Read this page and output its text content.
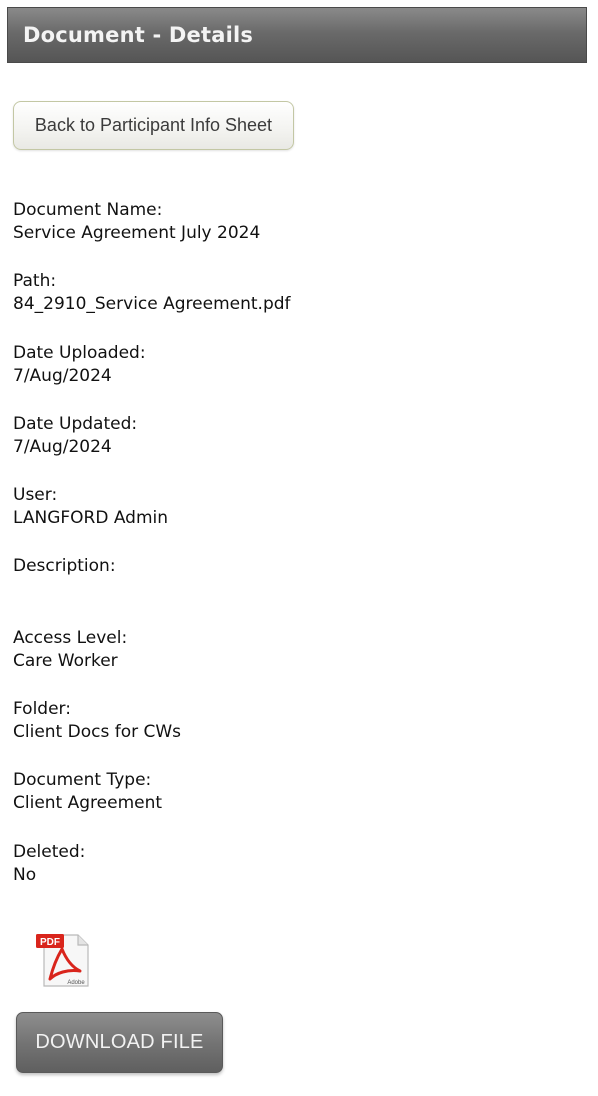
Document - Details
Back to Participant Info Sheet
Document Name:
Service Agreement July 2024
Path:
84_2910_Service Agreement.pdf
Date Uploaded:
7/Aug/2024
Date Updated:
7/Aug/2024
User:
LANGFORD Admin
Description:
Access Level:
Care Worker
Folder:
Client Docs for CWs
Document Type:
Client Agreement
Deleted:
No
PDF
Adobe
DOWNLOAD FILE
